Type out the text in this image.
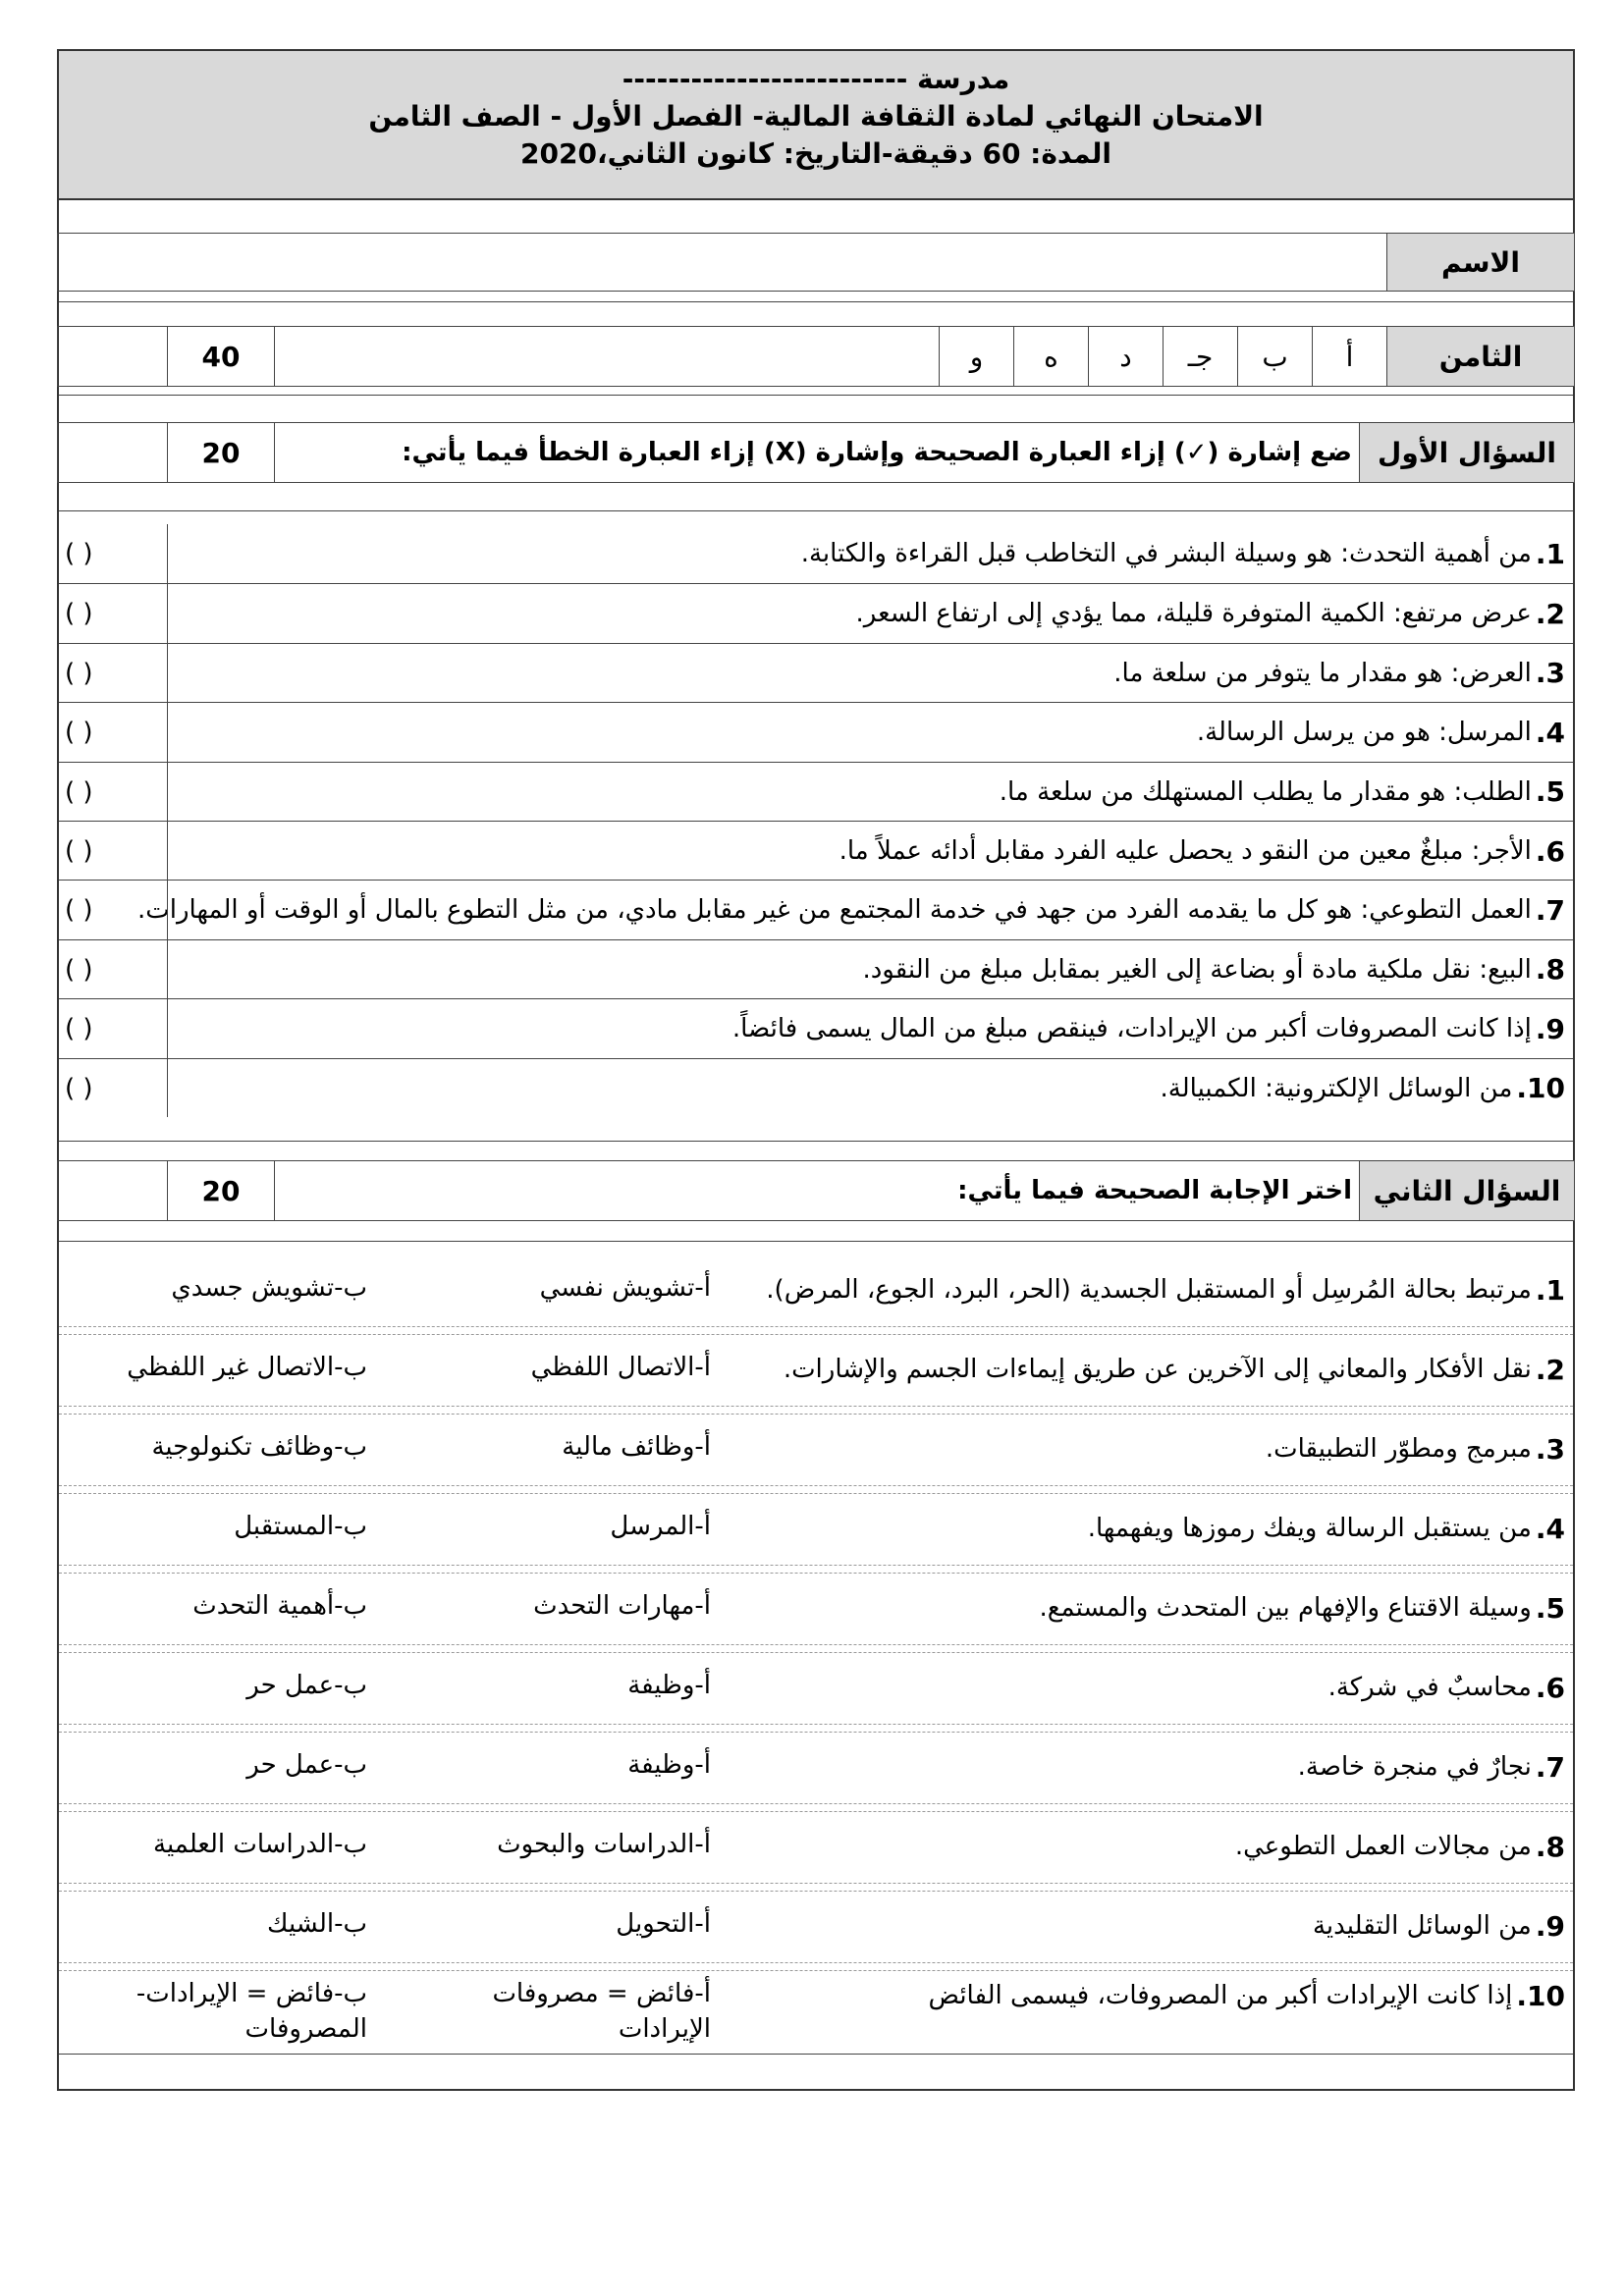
مدرسة -------------------------
الامتحان النهائي لمادة الثقافة المالية- الفصل الأول - الصف الثامن
المدة: 60 دقيقة-التاريخ: كانون الثاني،2020
الاسم
الثامن
أ
ب
جـ
د
ه
و
40
السؤال الأول
ضع إشارة (✓) إزاء العبارة الصحيحة وإشارة (X) إزاء العبارة الخطأ فيما يأتي:
20
1.
من أهمية التحدث: هو وسيلة البشر في التخاطب قبل القراءة والكتابة.
( )
2.
عرض مرتفع: الكمية المتوفرة قليلة، مما يؤدي إلى ارتفاع السعر.
( )
3.
العرض: هو مقدار ما يتوفر من سلعة ما.
( )
4.
المرسل: هو من يرسل الرسالة.
( )
5.
الطلب: هو مقدار ما يطلب المستهلك من سلعة ما.
( )
6.
الأجر: مبلغٌ معين من النقو د يحصل عليه الفرد مقابل أدائه عملاً ما.
( )
7.
العمل التطوعي: هو كل ما يقدمه الفرد من جهد في خدمة المجتمع من غير مقابل مادي، من مثل التطوع بالمال أو الوقت أو المهارات.
( )
8.
البيع: نقل ملكية مادة أو بضاعة إلى الغير بمقابل مبلغ من النقود.
( )
9.
إذا كانت المصروفات أكبر من الإيرادات، فينقص مبلغ من المال يسمى فائضاً.
( )
10.
من الوسائل الإلكترونية: الكمبيالة.
( )
السؤال الثاني
اختر الإجابة الصحيحة فيما يأتي:
20
1.
مرتبط بحالة المُرسِل أو المستقبل الجسدية (الحر، البرد، الجوع، المرض).
أ-تشويش نفسي
ب-تشويش جسدي
2.
نقل الأفكار والمعاني إلى الآخرين عن طريق إيماءات الجسم والإشارات.
أ-الاتصال اللفظي
ب-الاتصال غير اللفظي
3.
مبرمج ومطوّر التطبيقات.
أ-وظائف مالية
ب-وظائف تكنولوجية
4.
من يستقبل الرسالة ويفك رموزها ويفهمها.
أ-المرسل
ب-المستقبل
5.
وسيلة الاقتناع والإفهام بين المتحدث والمستمع.
أ-مهارات التحدث
ب-أهمية التحدث
6.
محاسبٌ في شركة.
أ-وظيفة
ب-عمل حر
7.
نجارٌ في منجرة خاصة.
أ-وظيفة
ب-عمل حر
8.
من مجالات العمل التطوعي.
أ-الدراسات والبحوث
ب-الدراسات العلمية
9.
من الوسائل التقليدية
أ-التحويل
ب-الشيك
10.
إذا كانت الإيرادات أكبر من المصروفات، فيسمى الفائض
أ-فائض = مصروفات الإيرادات
ب-فائض = الإيرادات- المصروفات
